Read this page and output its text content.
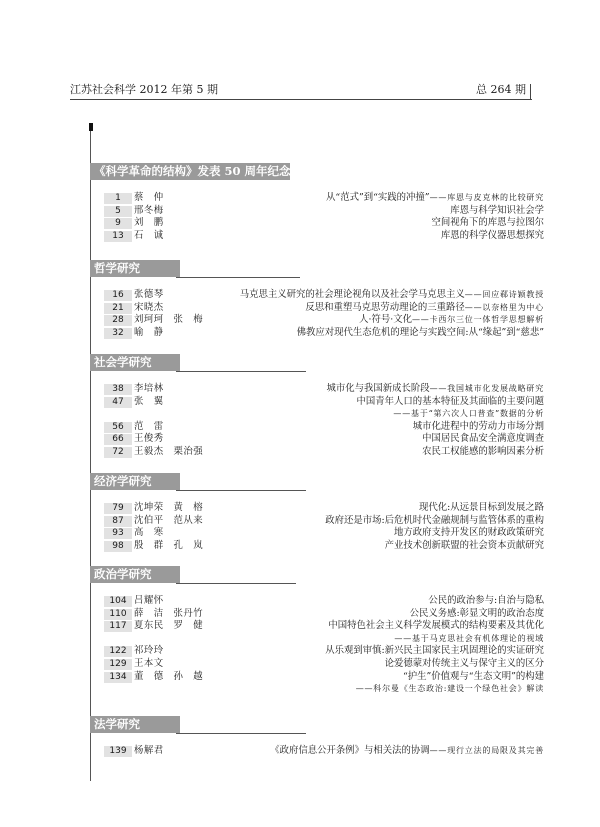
江苏社会科学 2012 年第 5 期	总 264 期
《科学革命的结构》发表 50 周年纪念
1	蔡　仲	从“范式”到“实践的冲撞”——库恩与皮克林的比较研究
5	邢冬梅	库恩与科学知识社会学
9	刘　鹏	空间视角下的库恩与拉图尔
13	石　诚	库恩的科学仪器思想探究
哲学研究
16	张德琴	马克思主义研究的社会理论视角以及社会学马克思主义——回应郗诗颖教授
21	宋晓杰	反思和重塑马克思劳动理论的三重路径——以奈格里为中心
28	刘珂珂　张　梅	人·符号·文化——卡西尔三位一体哲学思想解析
32	喻　静	佛教应对现代生态危机的理论与实践空间:从“缘起”到“慈悲”
社会学研究
38	李培林	城市化与我国新成长阶段——我国城市化发展战略研究
47	张　翼	中国青年人口的基本特征及其面临的主要问题
——基于“第六次人口普查”数据的分析
56	范　雷	城市化进程中的劳动力市场分割
66	王俊秀	中国居民食品安全满意度调查
72	王毅杰　栗治强	农民工权能感的影响因素分析
经济学研究
79	沈坤荣　黄　榕	现代化:从远景目标到发展之路
87	沈伯平　范从来	政府还是市场:后危机时代金融规制与监管体系的重构
93	高　寒	地方政府支持开发区的财政政策研究
98	殷　群　孔　岚	产业技术创新联盟的社会资本贡献研究
政治学研究
104 吕耀怀	公民的政治参与:自治与隐私
110 薛　洁　张丹竹	公民义务感:彰显文明的政治态度
117 夏东民　罗　健	中国特色社会主义科学发展模式的结构要素及其优化
——基于马克思社会有机体理论的视域
122 祁玲玲	从乐观到审慎:新兴民主国家民主巩固理论的实证研究
129 王本文	论爱德蒙对传统主义与保守主义的区分
134 董　德　孙　越	“护生”价值观与“生态文明”的构建
——科尔曼《生态政治:建设一个绿色社会》解读
法学研究
139 杨解君	《政府信息公开条例》与相关法的协调——现行立法的局限及其完善
